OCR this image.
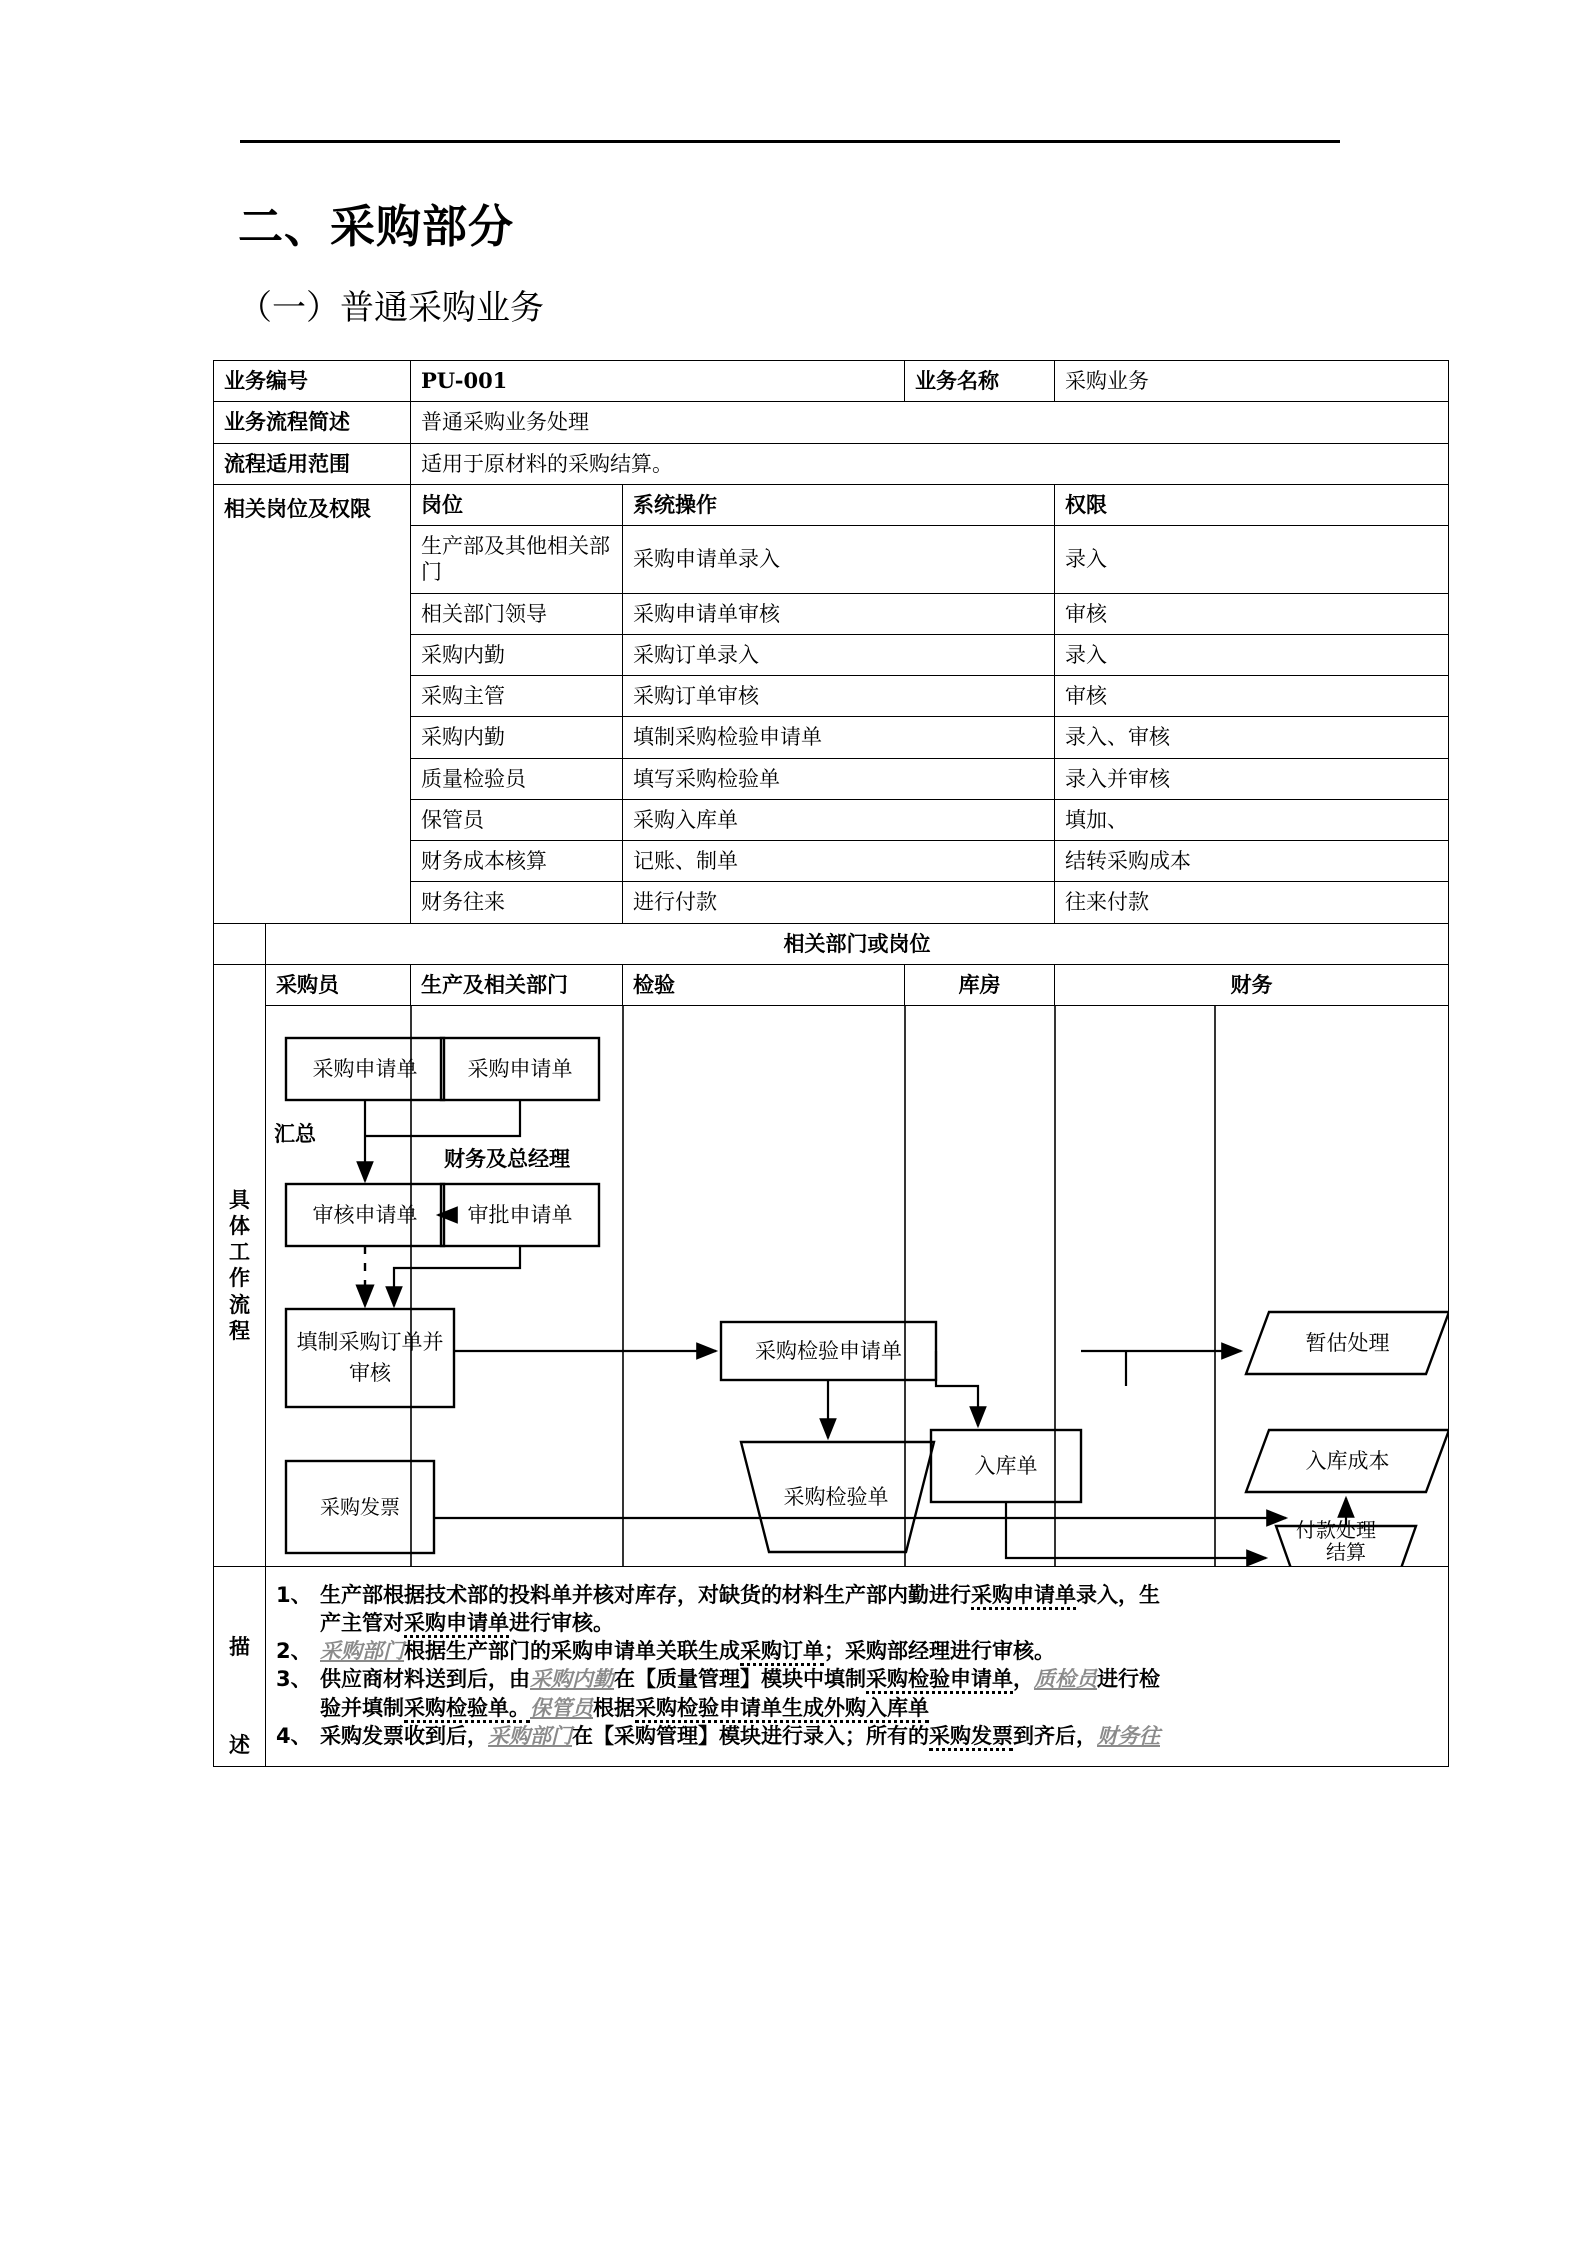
二、采购部分
（一）普通采购业务
业务编号		PU-001		业务名称	采购业务
业务流程简述		普通采购业务处理			
流程适用范围		适用于原材料的采购结算。			
相关岗位及权限		岗位	系统操作		权限
		生产部及其他相关部门	采购申请单录入		录入
		相关部门领导	采购申请单审核		审核
		采购内勤	采购订单录入		录入
		采购主管	采购订单审核		审核
		采购内勤	填制采购检验申请单		录入、审核
		质量检验员	填写采购检验单		录入并审核
		保管员	采购入库单		填加、
		财务成本核算	记账、制单		结转采购成本
		财务往来	进行付款		往来付款
	相关部门或岗位				

具
体
工
作
流
程
	采购员	生产及相关部门	检验	库房	财务

采购申请单	采购申请单
汇总
审核申请单
财务及总经理
审批申请单
填制采购订单并审核
采购检验申请单
采购检验单
入库单
暂估处理
入库成本
结算
采购发票
付款处理

描
述

1、 生产部根据技术部的投料单并核对库存，对缺货的材料生产部内勤进行采购申请单录入，生
产主管对采购申请单进行审核。
2、 采购部门根据生产部门的采购申请单关联生成采购订单；采购部经理进行审核。
3、 供应商材料送到后，由采购内勤在【质量管理】模块中填制采购检验申请单，质检员进行检
验并填制采购检验单。保管员根据采购检验申请单生成外购入库单
4、 采购发票收到后，采购部门在【采购管理】模块进行录入；所有的采购发票到齐后，财务往
